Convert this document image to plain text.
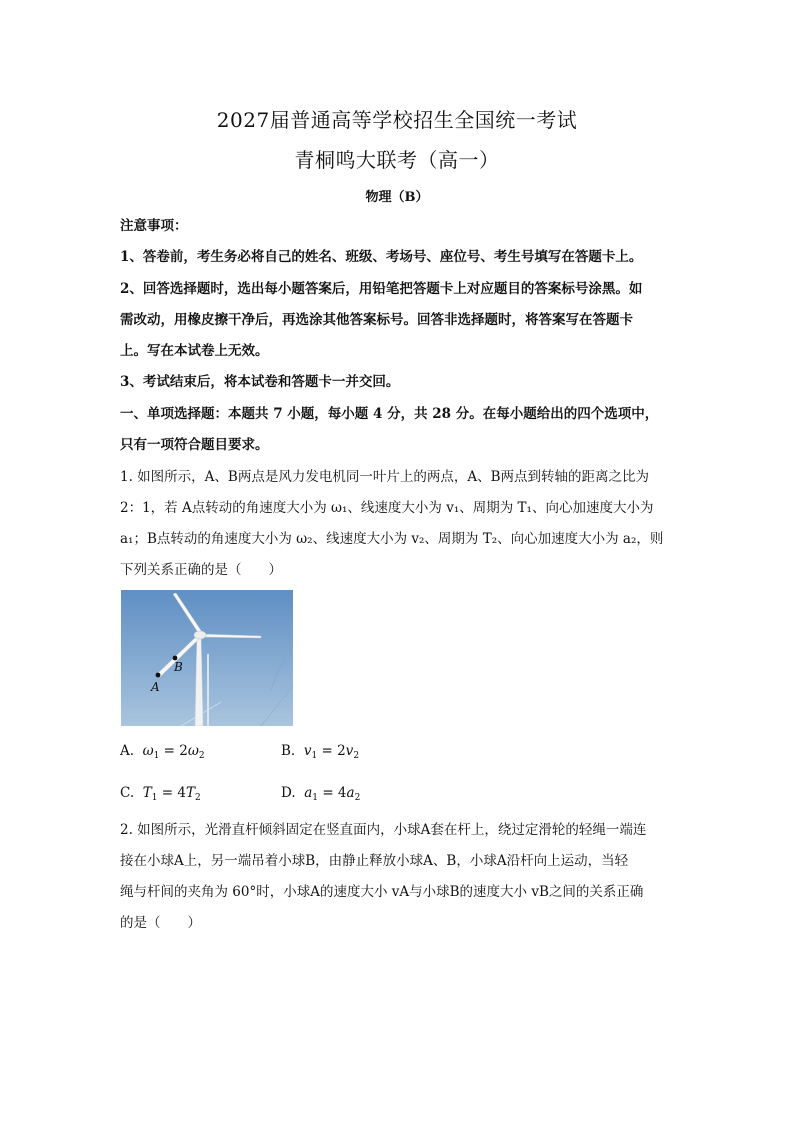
2027届普通高等学校招生全国统一考试
青桐鸣大联考（高一）
物理（B）
注意事项：
1、答卷前，考生务必将自己的姓名、班级、考场号、座位号、考生号填写在答题卡上。
2、回答选择题时，选出每小题答案后，用铅笔把答题卡上对应题目的答案标号涂黑。如
需改动，用橡皮擦干净后，再选涂其他答案标号。回答非选择题时，将答案写在答题卡
上。写在本试卷上无效。
3、考试结束后，将本试卷和答题卡一并交回。
一、单项选择题：本题共 7 小题，每小题 4 分，共 28 分。在每小题给出的四个选项中，
只有一项符合题目要求。
1. 如图所示，A、B两点是风力发电机同一叶片上的两点，A、B两点到转轴的距离之比为
2：1，若 A点转动的角速度大小为 ω₁、线速度大小为 v₁、周期为 T₁、向心加速度大小为
a₁；B点转动的角速度大小为 ω₂、线速度大小为 v₂、周期为 T₂、向心加速度大小为 a₂，则
下列关系正确的是（　　）
B
A
A. $\omega_1 = 2\omega_2$	B. $v_1 = 2v_2$
C. $T_1 = 4T_2$	D. $a_1 = 4a_2$
2. 如图所示，光滑直杆倾斜固定在竖直面内，小球A套在杆上，绕过定滑轮的轻绳一端连
接在小球A上，另一端吊着小球B，由静止释放小球A、B，小球A沿杆向上运动，当轻
绳与杆间的夹角为 60°时，小球A的速度大小 vA与小球B的速度大小 vB之间的关系正确
的是（　　）
